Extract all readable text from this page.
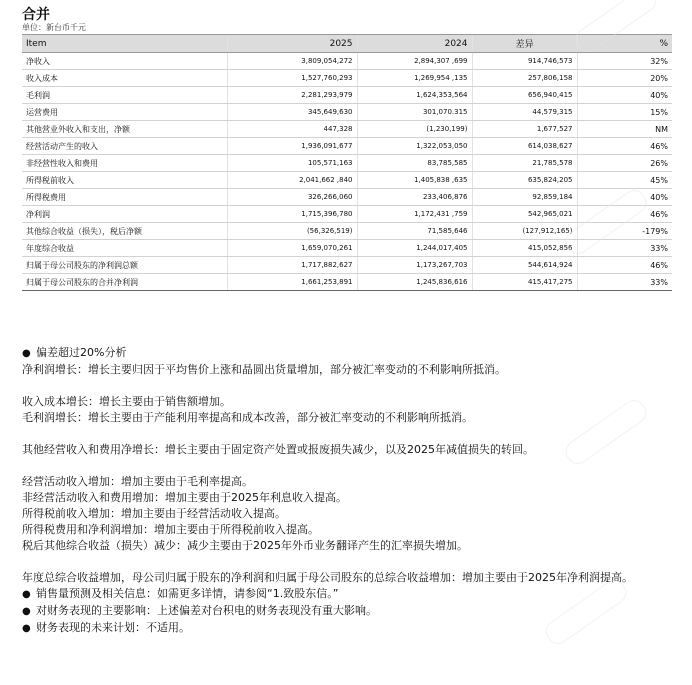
合并
单位：新台币千元
Item	2025	2024	差异	%
净收入	3,809,054,272	2,894,307 ,699	914,746,573	32%
收入成本	1,527,760,293	1,269,954 ,135	257,806,158	20%
毛利润	2,281,293,979	1,624,353,564	656,940,415	40%
运营费用	345,649,630	301,070.315	44,579,315	15%
其他营业外收入和支出，净额	447,328	(1,230,199)	1,677,527	NM
经营活动产生的收入	1,936,091,677	1,322,053,050	614,038,627	46%
非经营性收入和费用	105,571,163	83,785,585	21,785,578	26%
所得税前收入	2,041,662 ,840	1,405,838 ,635	635,824,205	45%
所得税费用	326,266,060	233,406,876	92,859,184	40%
净利润	1,715,396,780	1,172,431 ,759	542,965,021	46%
其他综合收益（损失），税后净额	(56,326,519)	71,585,646	(127,912,165)	-179%
年度综合收益	1,659,070,261	1,244,017,405	415,052,856	33%
归属于母公司股东的净利润总额	1,717,882,627	1,173,267,703	544,614,924	46%
归属于母公司股东的合并净利润	1,661,253,891	1,245,836,616	415,417,275	33%
● 偏差超过20%分析
净利润增长：增长主要归因于平均售价上涨和晶圆出货量增加，部分被汇率变动的不利影响所抵消。
收入成本增长：增长主要由于销售额增加。
毛利润增长：增长主要由于产能利用率提高和成本改善，部分被汇率变动的不利影响所抵消。
其他经营收入和费用净增长：增长主要由于固定资产处置或报废损失减少，以及2025年减值损失的转回。
经营活动收入增加：增加主要由于毛利率提高。
非经营活动收入和费用增加：增加主要由于2025年利息收入提高。
所得税前收入增加：增加主要由于经营活动收入提高。
所得税费用和净利润增加：增加主要由于所得税前收入提高。
税后其他综合收益（损失）减少：减少主要由于2025年外币业务翻译产生的汇率损失增加。
年度总综合收益增加，母公司归属于股东的净利润和归属于母公司股东的总综合收益增加：增加主要由于2025年净利润提高。
● 销售量预测及相关信息：如需更多详情，请参阅“1.致股东信。”
● 对财务表现的主要影响：上述偏差对台积电的财务表现没有重大影响。
● 财务表现的未来计划：不适用。
